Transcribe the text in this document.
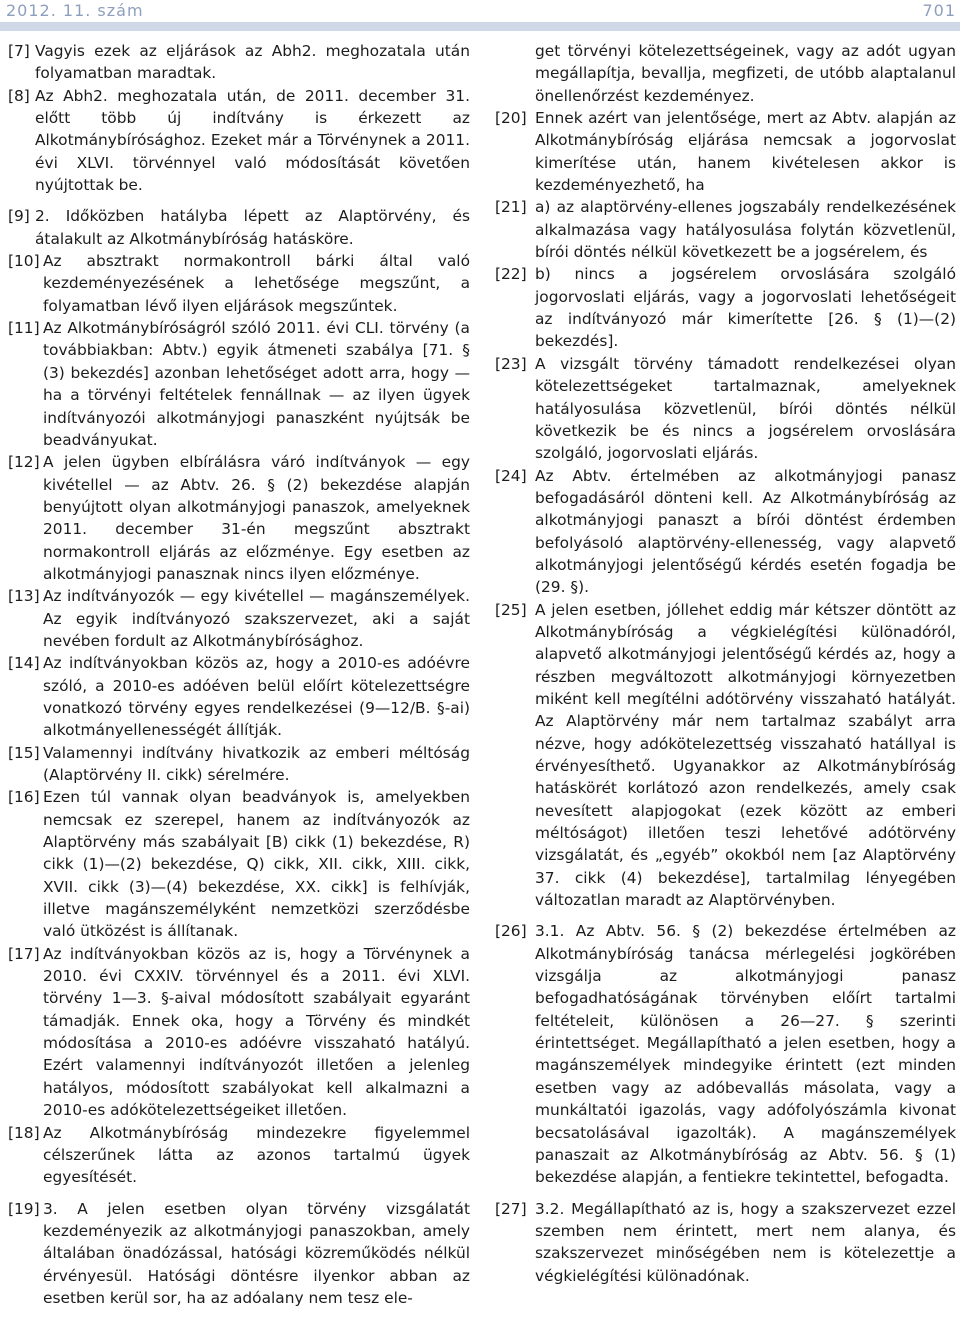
2012. 11. szám	701

[7] Vagyis ezek az eljárások az Abh2. meghozatala után folyamatban maradtak.

[8] Az Abh2. meghozatala után, de 2011. december 31. előtt több új indítvány is érkezett az Alkotmánybírósághoz. Ezeket már a Törvénynek a 2011. évi XLVI. törvénnyel való módosítását követően nyújtottak be.

[9] 2. Időközben hatályba lépett az Alaptörvény, és átalakult az Alkotmánybíróság hatásköre.

[10] Az absztrakt normakontroll bárki által való kezdeményezésének a lehetősége megszűnt, a folyamatban lévő ilyen eljárások megszűntek.

[11] Az Alkotmánybíróságról szóló 2011. évi CLI. törvény (a továbbiakban: Abtv.) egyik átmeneti szabálya [71. § (3) bekezdés] azonban lehetőséget adott arra, hogy — ha a törvényi feltételek fennállnak — az ilyen ügyek indítványozói alkotmányjogi panaszként nyújtsák be beadványukat.

[12] A jelen ügyben elbírálásra váró indítványok — egy kivétellel — az Abtv. 26. § (2) bekezdése alapján benyújtott olyan alkotmányjogi panaszok, amelyeknek 2011. december 31-én megszűnt absztrakt normakontroll eljárás az előzménye. Egy esetben az alkotmányjogi panasznak nincs ilyen előzménye.

[13] Az indítványozók — egy kivétellel — magánszemélyek. Az egyik indítványozó szakszervezet, aki a saját nevében fordult az Alkotmánybírósághoz.

[14] Az indítványokban közös az, hogy a 2010-es adóévre szóló, a 2010-es adóéven belül előírt kötelezettségre vonatkozó törvény egyes rendelkezései (9—12/B. §-ai) alkotmányellenességét állítják.

[15] Valamennyi indítvány hivatkozik az emberi méltóság (Alaptörvény II. cikk) sérelmére.

[16] Ezen túl vannak olyan beadványok is, amelyekben nemcsak ez szerepel, hanem az indítványozók az Alaptörvény más szabályait [B) cikk (1) bekezdése, R) cikk (1)—(2) bekezdése, Q) cikk, XII. cikk, XIII. cikk, XVII. cikk (3)—(4) bekezdése, XX. cikk] is felhívják, illetve magánszemélyként nemzetközi szerződésbe való ütközést is állítanak.

[17] Az indítványokban közös az is, hogy a Törvénynek a 2010. évi CXXIV. törvénnyel és a 2011. évi XLVI. törvény 1—3. §-aival módosított szabályait egyaránt támadják. Ennek oka, hogy a Törvény és mindkét módosítása a 2010-es adóévre visszaható hatályú. Ezért valamennyi indítványozót illetően a jelenleg hatályos, módosított szabályokat kell alkalmazni a 2010-es adókötelezettségeiket illetően.

[18] Az Alkotmánybíróság mindezekre figyelemmel célszerűnek látta az azonos tartalmú ügyek egyesítését.

[19] 3. A jelen esetben olyan törvény vizsgálatát kezdeményezik az alkotmányjogi panaszokban, amely általában önadózással, hatósági közreműködés nélkül érvényesül. Hatósági döntésre ilyenkor abban az esetben kerül sor, ha az adóalany nem tesz ele-

get törvényi kötelezettségeinek, vagy az adót ugyan megállapítja, bevallja, megfizeti, de utóbb alaptalanul önellenőrzést kezdeményez.

[20] Ennek azért van jelentősége, mert az Abtv. alapján az Alkotmánybíróság eljárása nemcsak a jogorvoslat kimerítése után, hanem kivételesen akkor is kezdeményezhető, ha

[21] a) az alaptörvény-ellenes jogszabály rendelkezésének alkalmazása vagy hatályosulása folytán közvetlenül, bírói döntés nélkül következett be a jogsérelem, és

[22] b) nincs a jogsérelem orvoslására szolgáló jogorvoslati eljárás, vagy a jogorvoslati lehetőségeit az indítványozó már kimerítette [26. § (1)—(2) bekezdés].

[23] A vizsgált törvény támadott rendelkezései olyan kötelezettségeket tartalmaznak, amelyeknek hatályosulása közvetlenül, bírói döntés nélkül következik be és nincs a jogsérelem orvoslására szolgáló, jogorvoslati eljárás.

[24] Az Abtv. értelmében az alkotmányjogi panasz befogadásáról dönteni kell. Az Alkotmánybíróság az alkotmányjogi panaszt a bírói döntést érdemben befolyásoló alaptörvény-ellenesség, vagy alapvető alkotmányjogi jelentőségű kérdés esetén fogadja be (29. §).

[25] A jelen esetben, jóllehet eddig már kétszer döntött az Alkotmánybíróság a végkielégítési különadóról, alapvető alkotmányjogi jelentőségű kérdés az, hogy a részben megváltozott alkotmányjogi környezetben miként kell megítélni adótörvény visszaható hatályát. Az Alaptörvény már nem tartalmaz szabályt arra nézve, hogy adókötelezettség visszaható hatállyal is érvényesíthető. Ugyanakkor az Alkotmánybíróság hatáskörét korlátozó azon rendelkezés, amely csak nevesített alapjogokat (ezek között az emberi méltóságot) illetően teszi lehetővé adótörvény vizsgálatát, és „egyéb” okokból nem [az Alaptörvény 37. cikk (4) bekezdése], tartalmilag lényegében változatlan maradt az Alaptörvényben.

[26] 3.1. Az Abtv. 56. § (2) bekezdése értelmében az Alkotmánybíróság tanácsa mérlegelési jogkörében vizsgálja az alkotmányjogi panasz befogadhatóságának törvényben előírt tartalmi feltételeit, különösen a 26—27. § szerinti érintettséget. Megállapítható a jelen esetben, hogy a magánszemélyek mindegyike érintett (ezt minden esetben vagy az adóbevallás másolata, vagy a munkáltatói igazolás, vagy adófolyószámla kivonat becsatolásával igazolták). A magánszemélyek panaszait az Alkotmánybíróság az Abtv. 56. § (1) bekezdése alapján, a fentiekre tekintettel, befogadta.

[27] 3.2. Megállapítható az is, hogy a szakszervezet ezzel szemben nem érintett, mert nem alanya, és szakszervezet minőségében nem is kötelezettje a végkielégítési különadónak.
